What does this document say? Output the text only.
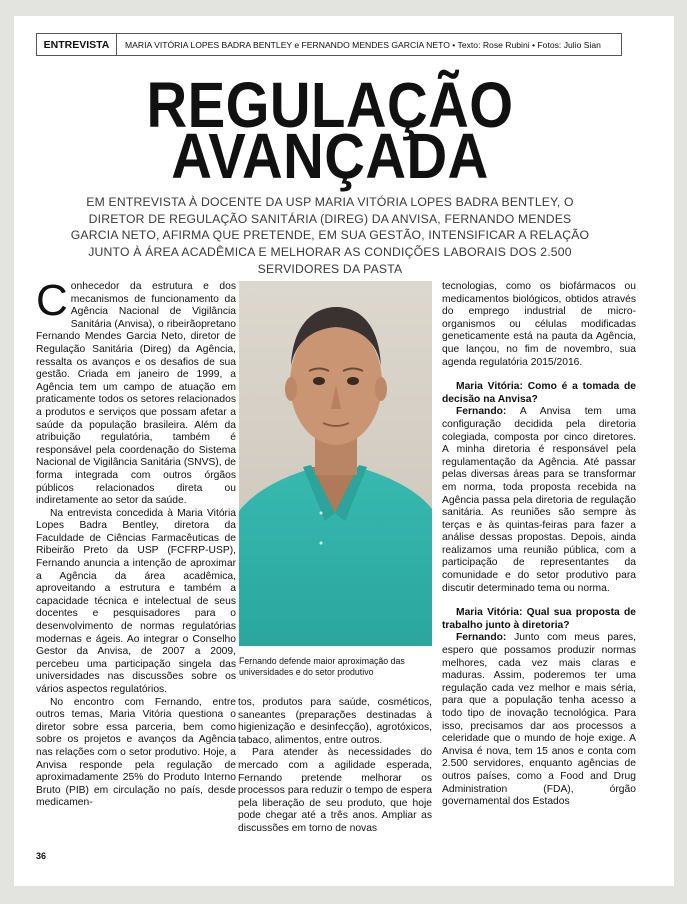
ENTREVISTA	MARIA VITÓRIA LOPES BADRA BENTLEY e FERNANDO MENDES GARCIA NETO • Texto: Rose Rubini • Fotos: Julio Sian
REGULAÇÃO
AVANÇADA
EM ENTREVISTA À DOCENTE DA USP MARIA VITÓRIA LOPES BADRA BENTLEY, O DIRETOR DE REGULAÇÃO SANITÁRIA (DIREG) DA ANVISA, FERNANDO MENDES GARCIA NETO, AFIRMA QUE PRETENDE, EM SUA GESTÃO, INTENSIFICAR A RELAÇÃO JUNTO À ÁREA ACADÊMICA E MELHORAR AS CONDIÇÕES LABORAIS DOS 2.500 SERVIDORES DA PASTA

Conhecedor da estrutura e dos mecanismos de funcionamento da Agência Nacional de Vigilância Sanitária (Anvisa), o ribeirãopretano Fernando Mendes Garcia Neto, diretor de Regulação Sanitária (Direg) da Agência, ressalta os avanços e os desafios de sua gestão. Criada em janeiro de 1999, a Agência tem um campo de atuação em praticamente todos os setores relacionados a produtos e serviços que possam afetar a saúde da população brasileira. Além da atribuição regulatória, também é responsável pela coordenação do Sistema Nacional de Vigilância Sanitária (SNVS), de forma integrada com outros órgãos públicos relacionados direta ou indiretamente ao setor da saúde.

Na entrevista concedida à Maria Vitória Lopes Badra Bentley, diretora da Faculdade de Ciências Farmacêuticas de Ribeirão Preto da USP (FCFRP-USP), Fernando anuncia a intenção de aproximar a Agência da área acadêmica, aproveitando a estrutura e também a capacidade técnica e intelectual de seus docentes e pesquisadores para o desenvolvimento de normas regulatórias modernas e ágeis. Ao integrar o Conselho Gestor da Anvisa, de 2007 a 2009, percebeu uma participação singela das universidades nas discussões sobre os vários aspectos regulatórios.

No encontro com Fernando, entre outros temas, Maria Vitória questiona o diretor sobre essa parceria, bem como sobre os projetos e avanços da Agência nas relações com o setor produtivo. Hoje, a Anvisa responde pela regulação de aproximadamente 25% do Produto Interno Bruto (PIB) em circulação no país, desde medicamen-

Fernando defende maior aproximação das universidades e do setor produtivo

tos, produtos para saúde, cosméticos, saneantes (preparações destinadas à higienização e desinfecção), agrotóxicos, tabaco, alimentos, entre outros.

Para atender às necessidades do mercado com a agilidade esperada, Fernando pretende melhorar os processos para reduzir o tempo de espera pela liberação de seu produto, que hoje pode chegar até a três anos. Ampliar as discussões em torno de novas

tecnologias, como os biofármacos ou medicamentos biológicos, obtidos através do emprego industrial de micro-organismos ou células modificadas geneticamente está na pauta da Agência, que lançou, no fim de novembro, sua agenda regulatória 2015/2016.

Maria Vitória: Como é a tomada de decisão na Anvisa?

Fernando: A Anvisa tem uma configuração decidida pela diretoria colegiada, composta por cinco diretores. A minha diretoria é responsável pela regulamentação da Agência. Até passar pelas diversas áreas para se transformar em norma, toda proposta recebida na Agência passa pela diretoria de regulação sanitária. As reuniões são sempre às terças e às quintas-feiras para fazer a análise dessas propostas. Depois, ainda realizamos uma reunião pública, com a participação de representantes da comunidade e do setor produtivo para discutir determinado tema ou norma.

Maria Vitória: Qual sua proposta de trabalho junto à diretoria?

Fernando: Junto com meus pares, espero que possamos produzir normas melhores, cada vez mais claras e maduras. Assim, poderemos ter uma regulação cada vez melhor e mais séria, para que a população tenha acesso a todo tipo de inovação tecnológica. Para isso, precisamos dar aos processos a celeridade que o mundo de hoje exige. A Anvisa é nova, tem 15 anos e conta com 2.500 servidores, enquanto agências de outros países, como a Food and Drug Administration (FDA), órgão governamental dos Estados

36
